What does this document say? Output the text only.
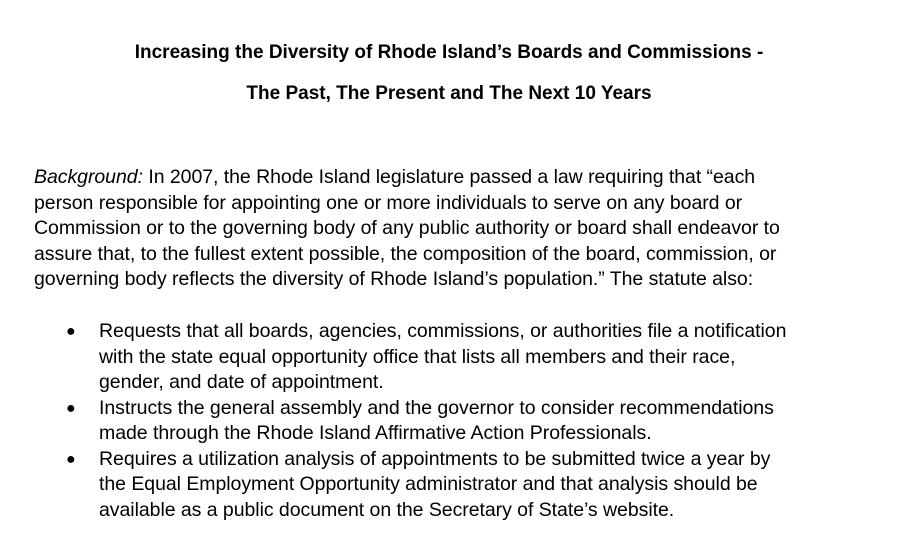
Increasing the Diversity of Rhode Island’s Boards and Commissions -
The Past, The Present and The Next 10 Years

Background: In 2007, the Rhode Island legislature passed a law requiring that “each
person responsible for appointing one or more individuals to serve on any board or
Commission or to the governing body of any public authority or board shall endeavor to
assure that, to the fullest extent possible, the composition of the board, commission, or
governing body reflects the diversity of Rhode Island’s population.” The statute also:

● Requests that all boards, agencies, commissions, or authorities file a notification
with the state equal opportunity office that lists all members and their race,
gender, and date of appointment.
● Instructs the general assembly and the governor to consider recommendations
made through the Rhode Island Affirmative Action Professionals.
● Requires a utilization analysis of appointments to be submitted twice a year by
the Equal Employment Opportunity administrator and that analysis should be
available as a public document on the Secretary of State’s website.
